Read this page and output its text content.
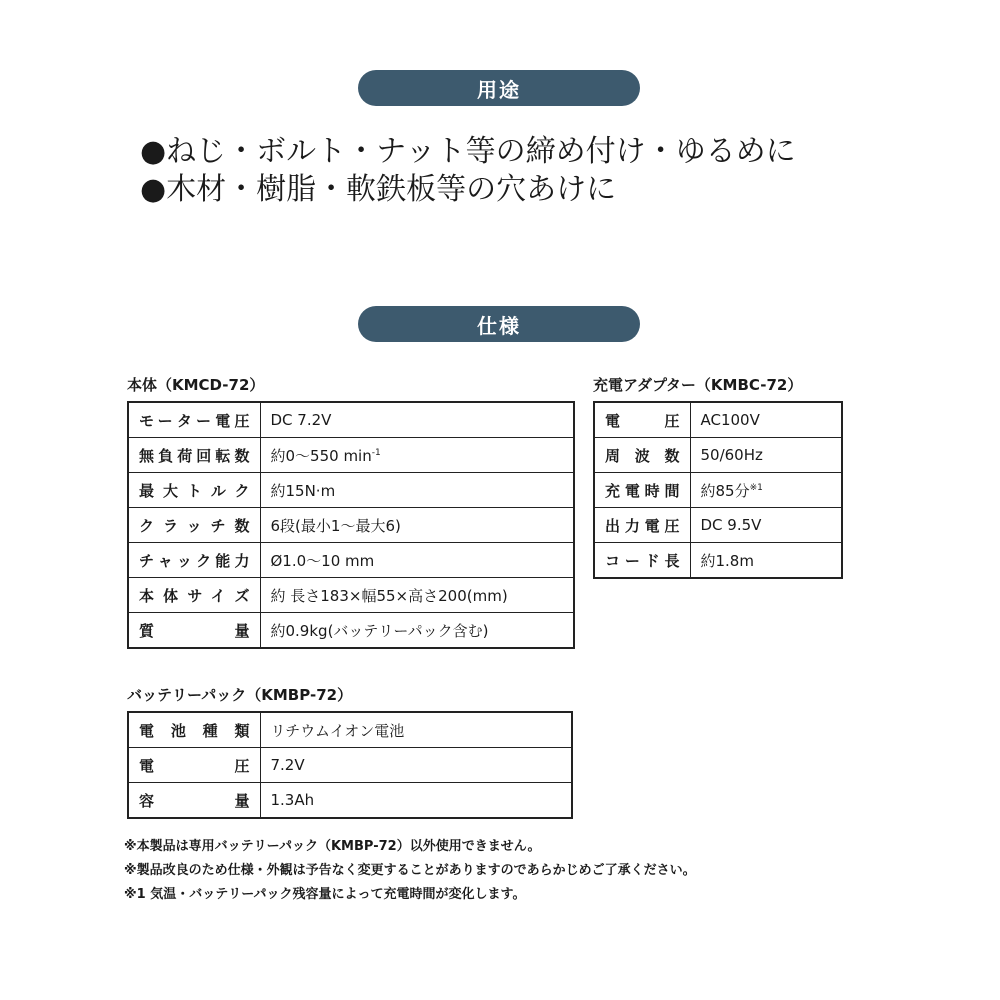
用途
●ねじ・ボルト・ナット等の締め付け・ゆるめに
●木材・樹脂・軟鉄板等の穴あけに
仕様
本体（KMCD-72）
モーター電圧	DC 7.2V
無負荷回転数	約0～550 $\min^{-1}$
最大トルク	約15N·m
クラッチ数	6段(最小1～最大6)
チャック能力	Ø1.0～10 mm
本体サイズ	約 長さ183×幅55×高さ200(mm)
質量	約0.9kg(バッテリーパック含む)
充電アダプター（KMBC-72）
電圧	AC100V
周波数	50/60Hz
充電時間	約85分$^{※1}$
出力電圧	DC 9.5V
コード長	約1.8m
バッテリーパック（KMBP-72）
電池種類	リチウムイオン電池
電圧	7.2V
容量	1.3Ah
※本製品は専用バッテリーパック（KMBP-72）以外使用できません。
※製品改良のため仕様・外観は予告なく変更することがありますのであらかじめご了承ください。
※1 気温・バッテリーパック残容量によって充電時間が変化します。
